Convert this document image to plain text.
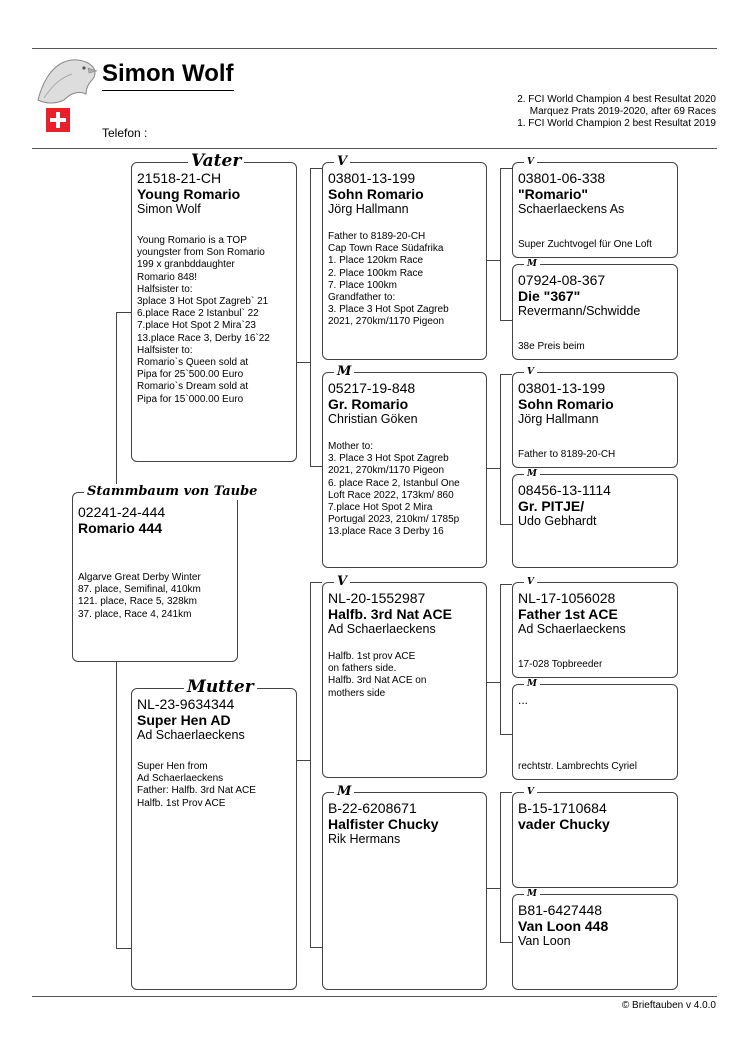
Simon Wolf
Telefon :
2. FCI World Champion 4 best Resultat 2020
Marquez Prats 2019-2020, after 69 Races
1. FCI World Champion 2 best Resultat 2019
02241-24-444
Romario 444
Algarve Great Derby Winter
87. place, Semifinal, 410km
121. place, Race 5, 328km
37. place, Race 4, 241km
Stammbaum von Taube
21518-21-CH
Young Romario
Simon Wolf
Young Romario is a TOP
youngster from Son Romario
199 x granbddaughter
Romario 848!
Halfsister to:
3place 3 Hot Spot Zagreb` 21
6.place Race 2 Istanbul` 22
7.place Hot Spot 2 Mira`23
13.place Race 3, Derby 16`22
Halfsister to:
Romario`s Queen sold at
Pipa for 25`500.00 Euro
Romario`s Dream sold at
Pipa for 15`000.00 Euro
Vater
NL-23-9634344
Super Hen AD
Ad Schaerlaeckens
Super Hen from
Ad Schaerlaeckens
Father: Halfb. 3rd Nat ACE
Halfb. 1st Prov ACE
Mutter
03801-13-199
Sohn Romario
Jörg Hallmann
Father to 8189-20-CH
Cap Town Race Südafrika
1. Place 120km Race
2. Place 100km Race
7. Place 100km
Grandfather to:
3. Place 3 Hot Spot Zagreb
2021, 270km/1170 Pigeon
V
05217-19-848
Gr. Romario
Christian Göken
Mother to:
3. Place 3 Hot Spot Zagreb
2021, 270km/1170 Pigeon
6. place Race 2, Istanbul One
Loft Race 2022, 173km/ 860
7.place Hot Spot 2 Mira
Portugal 2023, 210km/ 1785p
13.place Race 3 Derby 16
M
NL-20-1552987
Halfb. 3rd Nat ACE
Ad Schaerlaeckens
Halfb. 1st prov ACE
on fathers side.
Halfb. 3rd Nat ACE on
mothers side
V
B-22-6208671
Halfister Chucky
Rik Hermans
M
03801-06-338
"Romario"
Schaerlaeckens As
Super Zuchtvogel für One Loft
V
07924-08-367
Die "367"
Revermann/Schwidde
38e Preis beim
M
03801-13-199
Sohn Romario
Jörg Hallmann
Father to 8189-20-CH
V
08456-13-1114
Gr. PITJE/
Udo Gebhardt
M
NL-17-1056028
Father 1st ACE
Ad Schaerlaeckens
17-028 Topbreeder
V
...
rechtstr. Lambrechts Cyriel
M
B-15-1710684
vader Chucky
V
B81-6427448
Van Loon 448
Van Loon
M
© Brieftauben v 4.0.0
